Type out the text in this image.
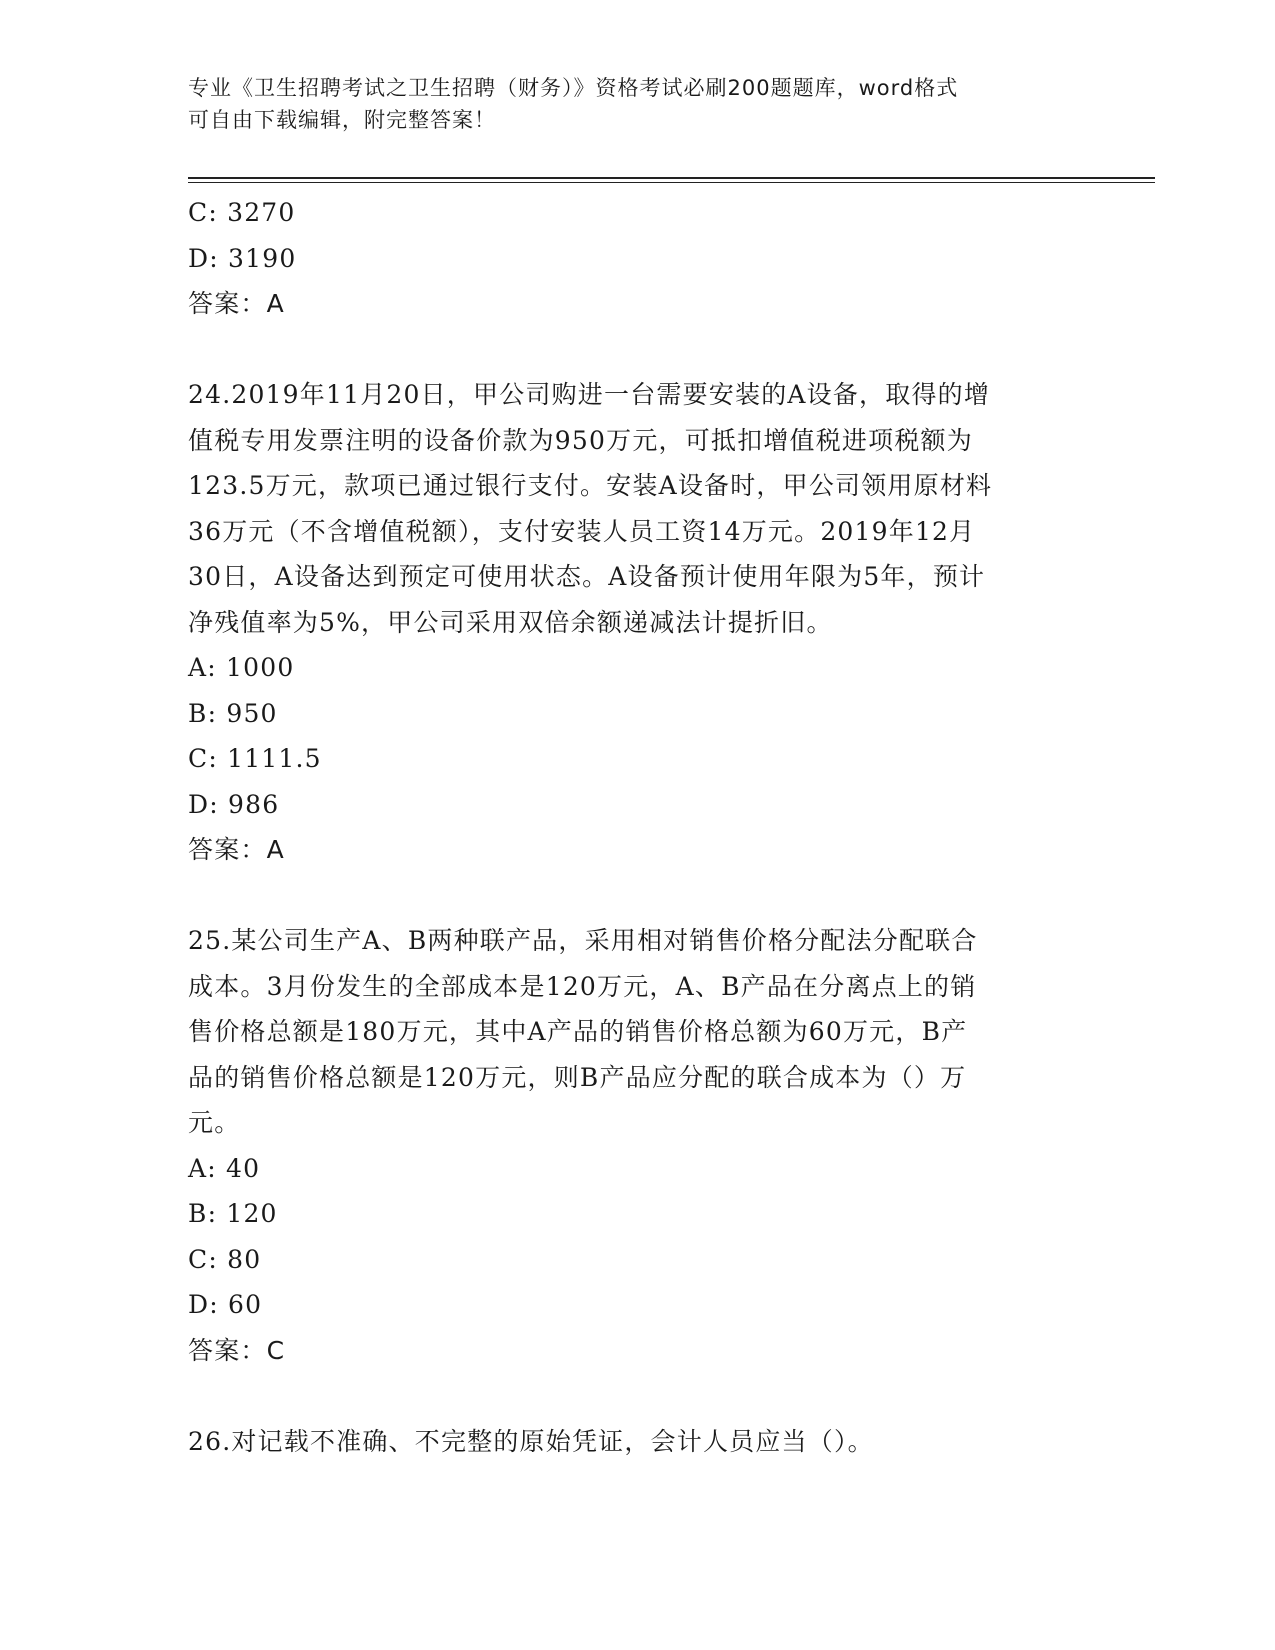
专业《卫生招聘考试之卫生招聘（财务）》资格考试必刷200题题库，word格式
可自由下载编辑，附完整答案！
C: 3270
D: 3190
答案：A
24.2019年11月20日，甲公司购进一台需要安装的A设备，取得的增
值税专用发票注明的设备价款为950万元，可抵扣增值税进项税额为
123.5万元，款项已通过银行支付。安装A设备时，甲公司领用原材料
36万元（不含增值税额），支付安装人员工资14万元。2019年12月
30日，A设备达到预定可使用状态。A设备预计使用年限为5年，预计
净残值率为5%，甲公司采用双倍余额递减法计提折旧。
A: 1000
B: 950
C: 1111.5
D: 986
答案：A
25.某公司生产A、B两种联产品，采用相对销售价格分配法分配联合
成本。3月份发生的全部成本是120万元，A、B产品在分离点上的销
售价格总额是180万元，其中A产品的销售价格总额为60万元，B产
品的销售价格总额是120万元，则B产品应分配的联合成本为（）万
元。
A: 40
B: 120
C: 80
D: 60
答案：C
26.对记载不准确、不完整的原始凭证，会计人员应当（）。
